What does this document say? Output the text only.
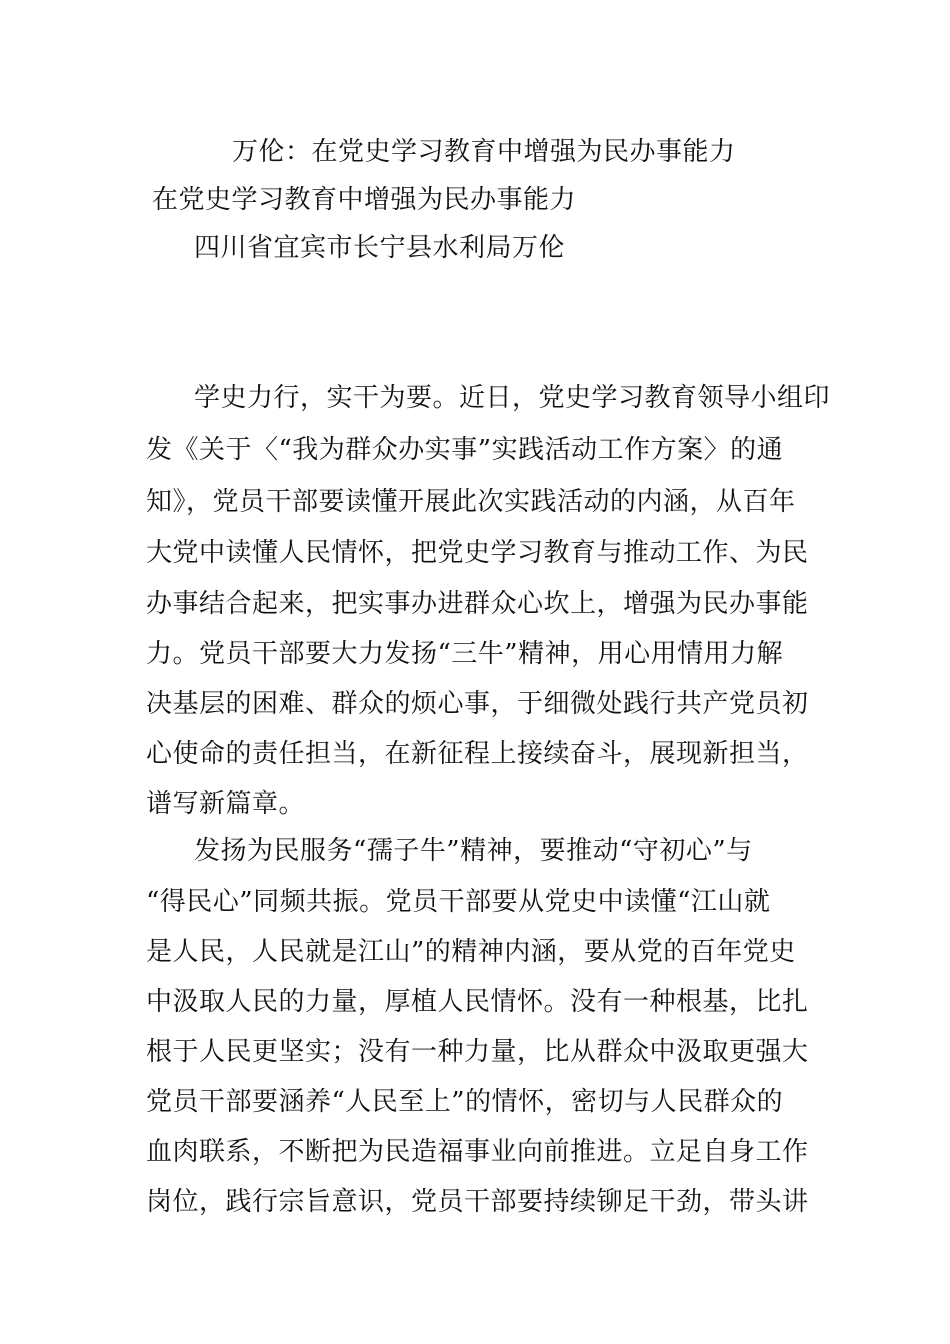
万伦：在党史学习教育中增强为民办事能力
在党史学习教育中增强为民办事能力
四川省宜宾市长宁县水利局万伦
学史力行，实干为要。近日，党史学习教育领导小组印
发《关于〈“我为群众办实事”实践活动工作方案〉的通
知》，党员干部要读懂开展此次实践活动的内涵，从百年
大党中读懂人民情怀，把党史学习教育与推动工作、为民
办事结合起来，把实事办进群众心坎上，增强为民办事能
力。党员干部要大力发扬“三牛”精神，用心用情用力解
决基层的困难、群众的烦心事，于细微处践行共产党员初
心使命的责任担当，在新征程上接续奋斗，展现新担当，
谱写新篇章。
发扬为民服务“孺子牛”精神，要推动“守初心”与
“得民心”同频共振。党员干部要从党史中读懂“江山就
是人民，人民就是江山”的精神内涵，要从党的百年党史
中汲取人民的力量，厚植人民情怀。没有一种根基，比扎
根于人民更坚实；没有一种力量，比从群众中汲取更强大
党员干部要涵养“人民至上”的情怀，密切与人民群众的
血肉联系，不断把为民造福事业向前推进。立足自身工作
岗位，践行宗旨意识，党员干部要持续铆足干劲，带头讲
